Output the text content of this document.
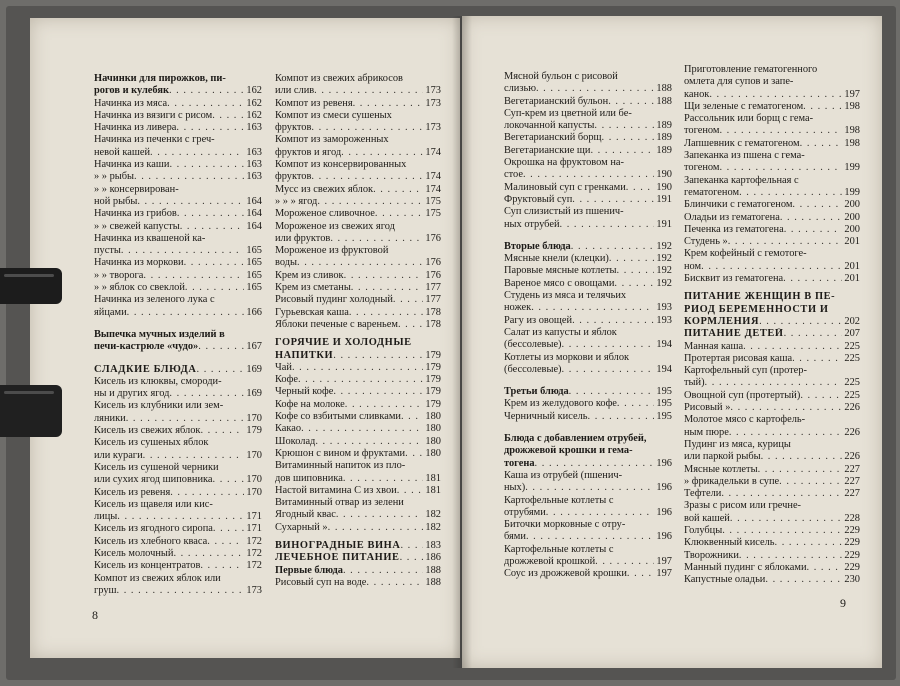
Начинки для пирожков, пи-
рогов и кулебяк . . .	162
Начинка из мяса . . .	162
Начинка из вязиги с рисом . . .	162
Начинка из ливера . . .	163
Начинка из печенки с греч-
невой кашей . . .	163
Начинка из каши . . .	163
» » рыбы . . .	163
» » консервирован-
ной рыбы . . .	164
Начинка из грибов . . .	164
» » свежей капусты . . .	164
Начинка из квашеной ка-
пусты . . .	165
Начинка из моркови . . .	165
» » творога . . .	165
» » яблок со свеклой . . .	165
Начинка из зеленого лука с
яйцами . . .	166
Выпечка мучных изделий в
печи-кастрюле «чудо» . . .	167
СЛАДКИЕ БЛЮДА . . .	169
Кисель из клюквы, смороди-
ны и других ягод . . .	169
Кисель из клубники или зем-
ляники . . .	170
Кисель из свежих яблок . . .	179
Кисель из сушеных яблок
или кураги . . .	170
Кисель из сушеной черники
или сухих ягод шиповника . . .	170
Кисель из ревеня . . .	170
Кисель из щавеля или кис-
лицы . . .	171
Кисель из ягодного сиропа . . .	171
Кисель из хлебного кваса . . .	172
Кисель молочный . . .	172
Кисель из концентратов . . .	172
Компот из свежих яблок или
груш . . .	173
Компот из свежих абрикосов
или слив . . .	173
Компот из ревеня . . .	173
Компот из смеси сушеных
фруктов . . .	173
Компот из замороженных
фруктов и ягод . . .	174
Компот из консервированных
фруктов . . .	174
Мусс из свежих яблок . . .	174
» » » ягод . . .	175
Мороженое сливочное . . .	175
Мороженое из свежих ягод
или фруктов . . .	176
Мороженое из фруктовой
воды . . .	176
Крем из сливок . . .	176
Крем из сметаны . . .	177
Рисовый пудинг холодный . . .	177
Гурьевская каша . . .	178
Яблоки печеные с вареньем . . .	178
ГОРЯЧИЕ И ХОЛОДНЫЕ
НАПИТКИ . . .	179
Чай . . .	179
Кофе . . .	179
Черный кофе . . .	179
Кофе на молоке . . .	179
Кофе со взбитыми сливками . . . 180
Какао . . .	180
Шоколад . . .	180
Крюшон с вином и фруктами . . . 180
Витаминный напиток из пло-
дов шиповника . . .	181
Настой витамина С из хвои . . .	181
Витаминный отвар из зелени
Ягодный квас . . .	182
Сухарный » . . .	182
ВИНОГРАДНЫЕ ВИНА . . . 183
ЛЕЧЕБНОЕ ПИТАНИЕ . . . 186
Первые блюда . . .	188
Рисовый суп на воде . . .	188
8
Мясной бульон с рисовой
слизью . . .	188
Вегетарианский бульон . . .	188
Суп-крем из цветной или бе-
локочанной капусты . . .	189
Вегетарианский борщ . . .	189
Вегетарианские щи . . .	189
Окрошка на фруктовом на-
стое . . .	190
Малиновый суп с гренками . . .	190
Фруктовый суп . . .	191
Суп слизистый из пшенич-
ных отрубей . . .	191
Вторые блюда . . .	192
Мясные кнели (клецки) . . .	192
Паровые мясные котлеты . . .	192
Вареное мясо с овощами . . .	192
Студень из мяса и телячьих
ножек . . .	193
Рагу из овощей . . .	193
Салат из капусты и яблок
(бессолевые) . . .	194
Котлеты из моркови и яблок
(бессолевые) . . .	194
Третьи блюда . . .	195
Крем из желудового кофе . . .	195
Черничный кисель . . .	195
Блюда с добавлением отрубей,
дрожжевой крошки и гема-
тогена . . .	196
Каша из отрубей (пшенич-
ных) . . .	196
Картофельные котлеты с
отрубями . . .	196
Биточки морковные с отру-
бями . . .	196
Картофельные котлеты с
дрожжевой крошкой . . .	197
Соус из дрожжевой крошки . . .	197
Приготовление гематогенного
омлета для супов и запе-
канок . . .	197
Щи зеленые с гематогеном . . .	198
Рассольник или борщ с гема-
тогеном . . .	198
Лапшевник с гематогеном . . .	198
Запеканка из пшена с гема-
тогеном . . .	199
Запеканка картофельная с
гематогеном . . .	199
Блинчики с гематогеном . . .	200
Оладьи из гематогена . . .	200
Печенка из гематогена . . .	200
Студень » . . .	201
Крем кофейный с гемотоге-
ном . . .	201
Бисквит из гематогена . . .	201
ПИТАНИЕ ЖЕНЩИН В ПЕ-
РИОД БЕРЕМЕННОСТИ И
КОРМЛЕНИЯ . . .	202
ПИТАНИЕ ДЕТЕЙ . . .	207
Манная каша . . .	225
Протертая рисовая каша . . .	225
Картофельный суп (протер-
тый) . . .	225
Овощной суп (протертый) . . .	225
Рисовый » . . .	226
Молотое мясо с картофель-
ным пюре . . .	226
Пудинг из мяса, курицы
или паркой рыбы . . .	226
Мясные котлеты . . .	227
» фрикадельки в супе . . .	227
Тефтели . . .	227
Зразы с рисом или гречне-
вой кашей . . .	228
Голубцы . . .	229
Клюквенный кисель . . .	229
Творожники . . .	229
Манный пудинг с яблоками . . .	229
Капустные оладьи . . .	230
9
